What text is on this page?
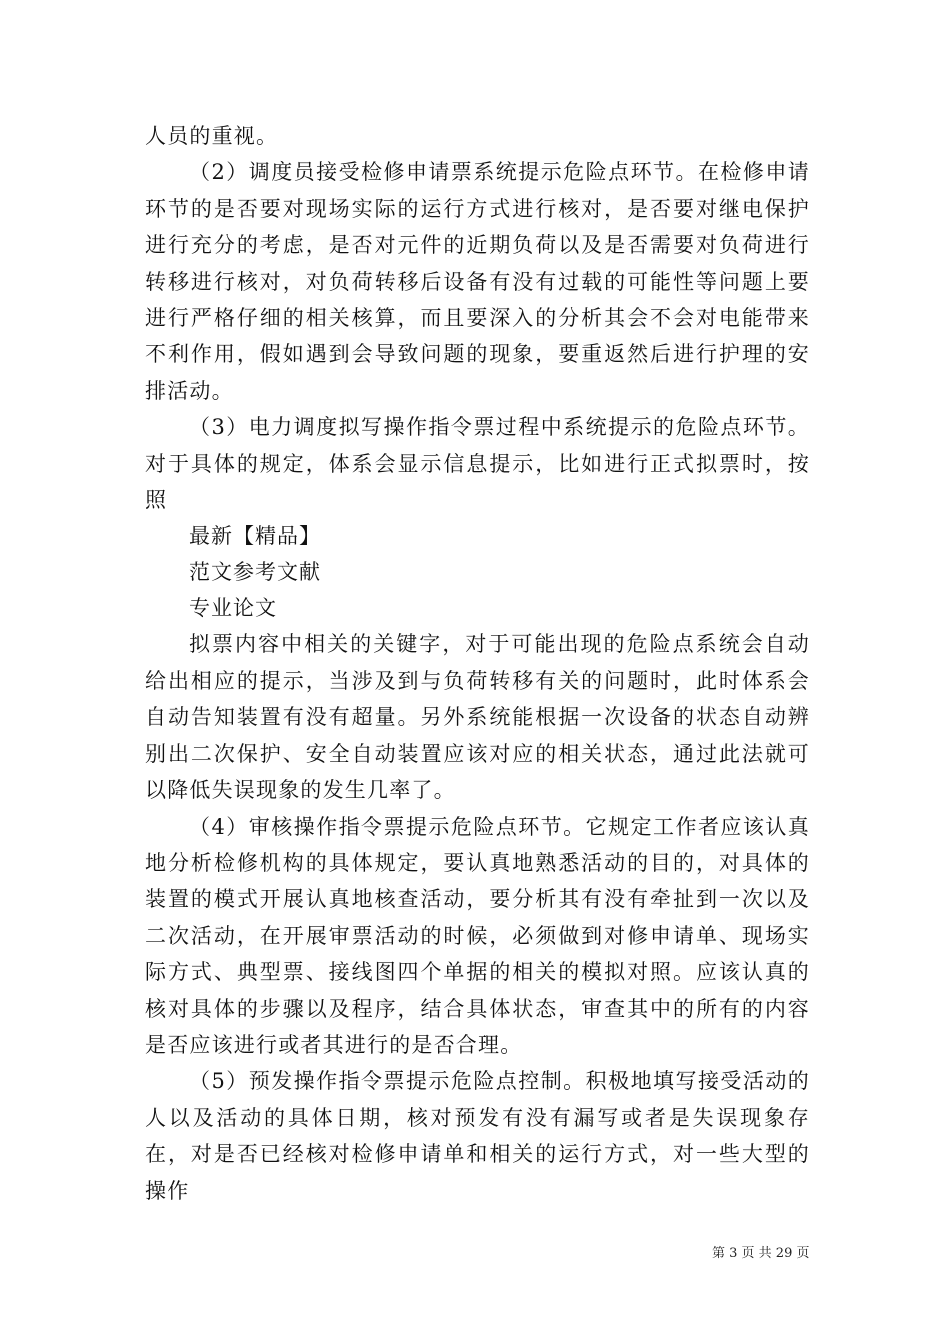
人员的重视。

（2）调度员接受检修申请票系统提示危险点环节。在检修申请环节的是否要对现场实际的运行方式进行核对，是否要对继电保护进行充分的考虑，是否对元件的近期负荷以及是否需要对负荷进行转移进行核对，对负荷转移后设备有没有过载的可能性等问题上要进行严格仔细的相关核算，而且要深入的分析其会不会对电能带来不利作用，假如遇到会导致问题的现象，要重返然后进行护理的安排活动。

（3）电力调度拟写操作指令票过程中系统提示的危险点环节。对于具体的规定，体系会显示信息提示，比如进行正式拟票时，按照

最新【精品】

范文参考文献

专业论文

拟票内容中相关的关键字，对于可能出现的危险点系统会自动给出相应的提示，当涉及到与负荷转移有关的问题时，此时体系会自动告知装置有没有超量。另外系统能根据一次设备的状态自动辨别出二次保护、安全自动装置应该对应的相关状态，通过此法就可以降低失误现象的发生几率了。

（4）审核操作指令票提示危险点环节。它规定工作者应该认真地分析检修机构的具体规定，要认真地熟悉活动的目的，对具体的装置的模式开展认真地核查活动，要分析其有没有牵扯到一次以及二次活动，在开展审票活动的时候，必须做到对修申请单、现场实际方式、典型票、接线图四个单据的相关的模拟对照。应该认真的核对具体的步骤以及程序，结合具体状态，审查其中的所有的内容是否应该进行或者其进行的是否合理。

（5）预发操作指令票提示危险点控制。积极地填写接受活动的人以及活动的具体日期，核对预发有没有漏写或者是失误现象存在，对是否已经核对检修申请单和相关的运行方式，对一些大型的操作

第 3 页 共 29 页
